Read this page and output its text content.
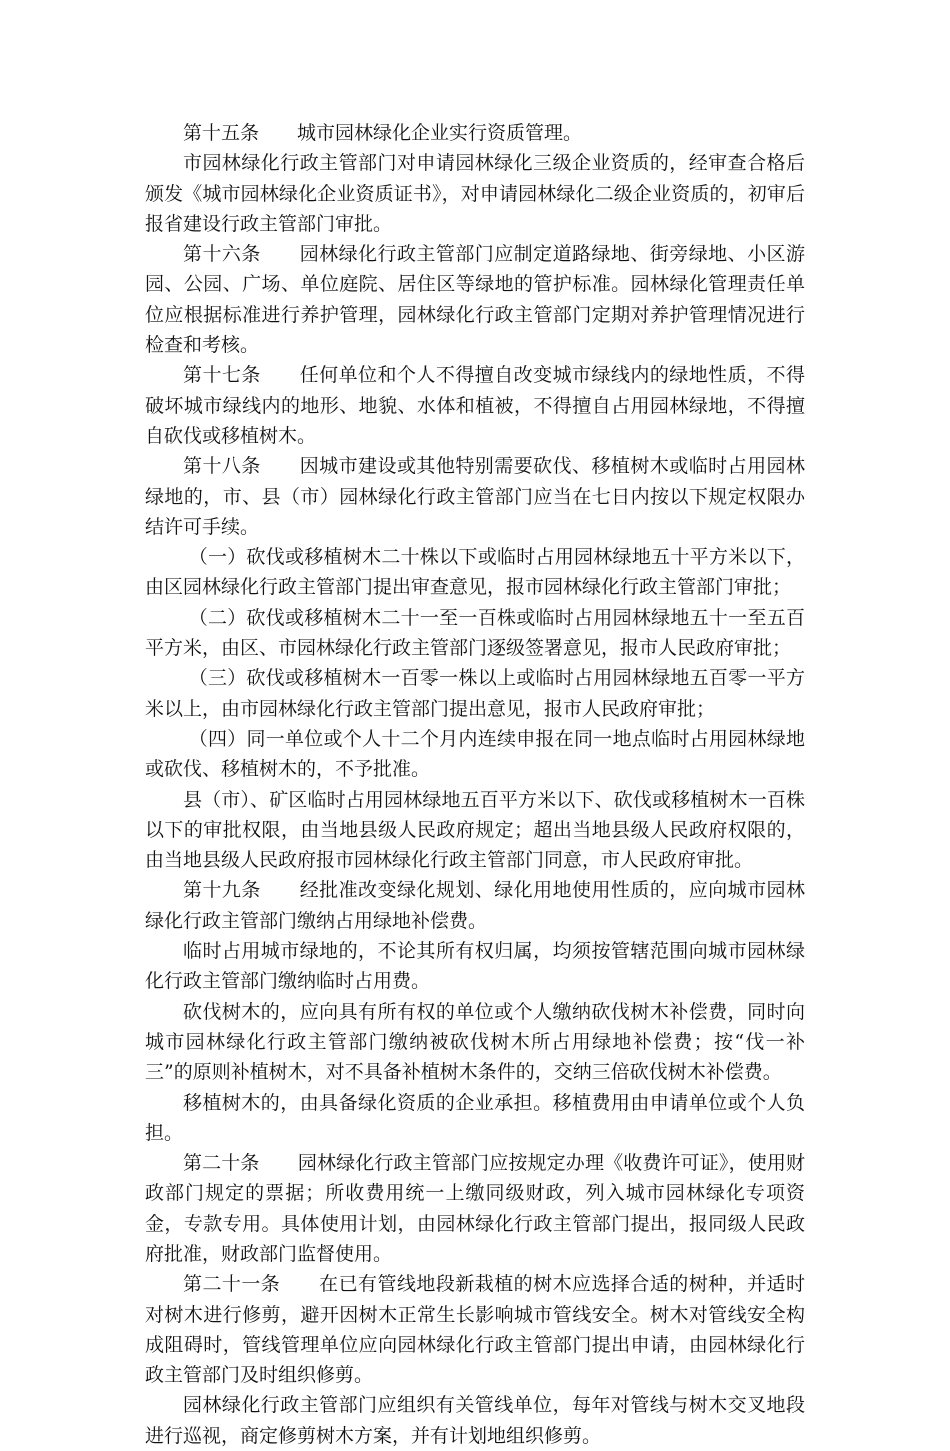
第十五条　　城市园林绿化企业实行资质管理。

市园林绿化行政主管部门对申请园林绿化三级企业资质的，经审查合格后颁发《城市园林绿化企业资质证书》，对申请园林绿化二级企业资质的，初审后报省建设行政主管部门审批。

第十六条　　园林绿化行政主管部门应制定道路绿地、街旁绿地、小区游园、公园、广场、单位庭院、居住区等绿地的管护标准。园林绿化管理责任单位应根据标准进行养护管理，园林绿化行政主管部门定期对养护管理情况进行检查和考核。

第十七条　　任何单位和个人不得擅自改变城市绿线内的绿地性质，不得破坏城市绿线内的地形、地貌、水体和植被，不得擅自占用园林绿地，不得擅自砍伐或移植树木。

第十八条　　因城市建设或其他特别需要砍伐、移植树木或临时占用园林绿地的，市、县（市）园林绿化行政主管部门应当在七日内按以下规定权限办结许可手续。

（一）砍伐或移植树木二十株以下或临时占用园林绿地五十平方米以下，由区园林绿化行政主管部门提出审查意见，报市园林绿化行政主管部门审批；

（二）砍伐或移植树木二十一至一百株或临时占用园林绿地五十一至五百平方米，由区、市园林绿化行政主管部门逐级签署意见，报市人民政府审批；

（三）砍伐或移植树木一百零一株以上或临时占用园林绿地五百零一平方米以上，由市园林绿化行政主管部门提出意见，报市人民政府审批；

（四）同一单位或个人十二个月内连续申报在同一地点临时占用园林绿地或砍伐、移植树木的，不予批准。

县（市）、矿区临时占用园林绿地五百平方米以下、砍伐或移植树木一百株以下的审批权限，由当地县级人民政府规定；超出当地县级人民政府权限的，由当地县级人民政府报市园林绿化行政主管部门同意，市人民政府审批。

第十九条　　经批准改变绿化规划、绿化用地使用性质的，应向城市园林绿化行政主管部门缴纳占用绿地补偿费。

临时占用城市绿地的，不论其所有权归属，均须按管辖范围向城市园林绿化行政主管部门缴纳临时占用费。

砍伐树木的，应向具有所有权的单位或个人缴纳砍伐树木补偿费，同时向城市园林绿化行政主管部门缴纳被砍伐树木所占用绿地补偿费；按“伐一补三”的原则补植树木，对不具备补植树木条件的，交纳三倍砍伐树木补偿费。

移植树木的，由具备绿化资质的企业承担。移植费用由申请单位或个人负担。

第二十条　　园林绿化行政主管部门应按规定办理《收费许可证》，使用财政部门规定的票据；所收费用统一上缴同级财政，列入城市园林绿化专项资金，专款专用。具体使用计划，由园林绿化行政主管部门提出，报同级人民政府批准，财政部门监督使用。

第二十一条　　在已有管线地段新栽植的树木应选择合适的树种，并适时对树木进行修剪，避开因树木正常生长影响城市管线安全。树木对管线安全构成阻碍时，管线管理单位应向园林绿化行政主管部门提出申请，由园林绿化行政主管部门及时组织修剪。

园林绿化行政主管部门应组织有关管线单位，每年对管线与树木交叉地段进行巡视，商定修剪树木方案，并有计划地组织修剪。
